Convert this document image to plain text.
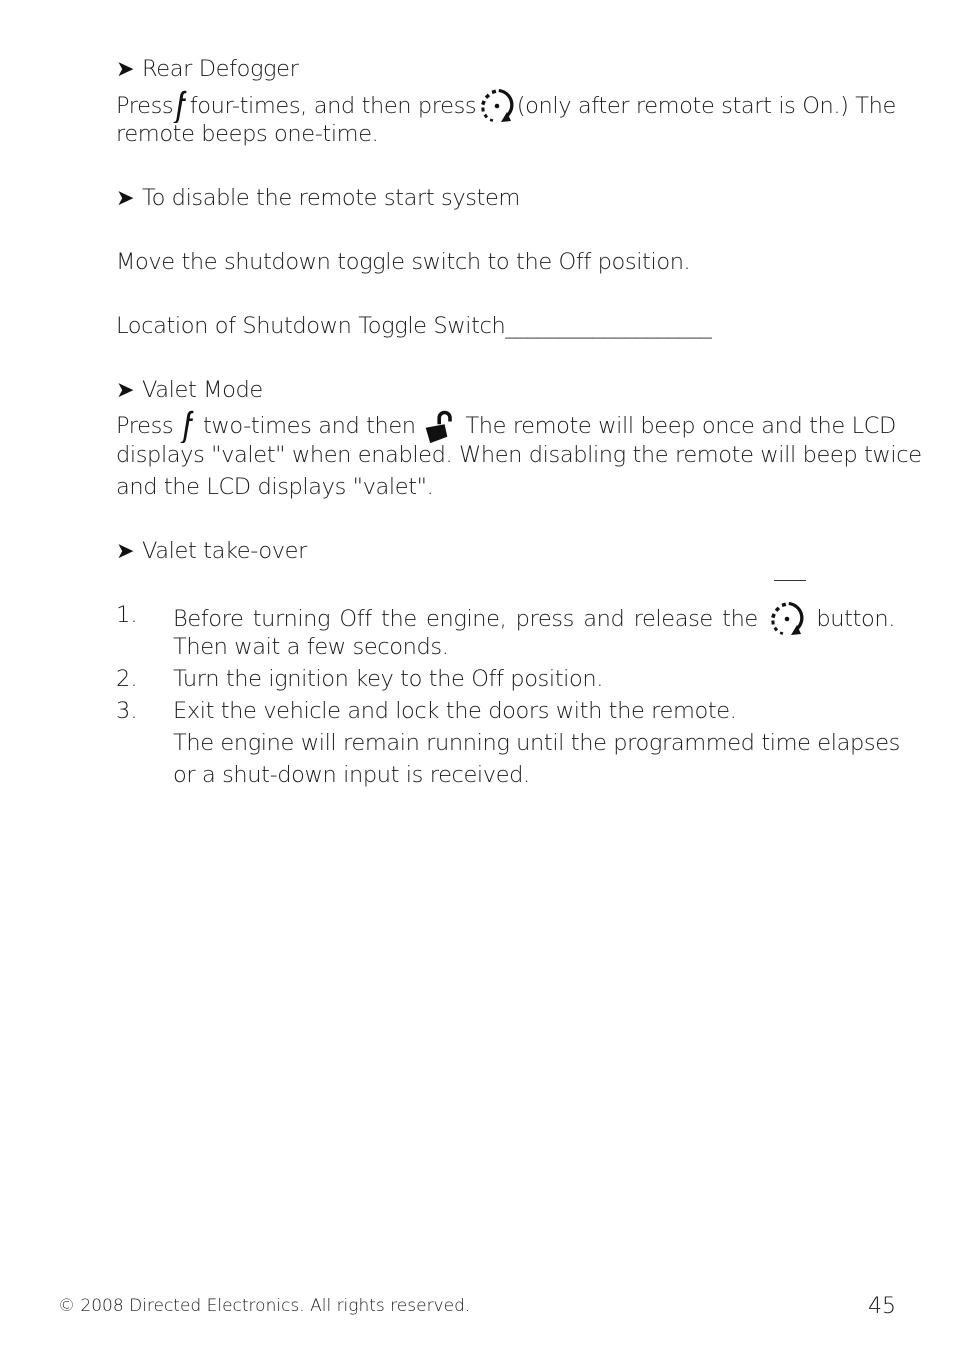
➤ Rear Defogger
Press four-times, and then press (only after remote start is On.) The
remote beeps one-time.
➤ To disable the remote start system
Move the shutdown toggle switch to the Off position.
Location of Shutdown Toggle Switch___________________
➤ Valet Mode
Press two-times and then The remote will beep once and the LCD
displays "valet" when enabled. When disabling the remote will beep twice
and the LCD displays "valet".
➤ Valet take-over
1. Before turning Off the engine, press and release the	button.
Then wait a few seconds.
2. Turn the ignition key to the Off position.
3. Exit the vehicle and lock the doors with the remote.
The engine will remain running until the programmed time elapses
or a shut-down input is received.
© 2008 Directed Electronics. All rights reserved.	45
